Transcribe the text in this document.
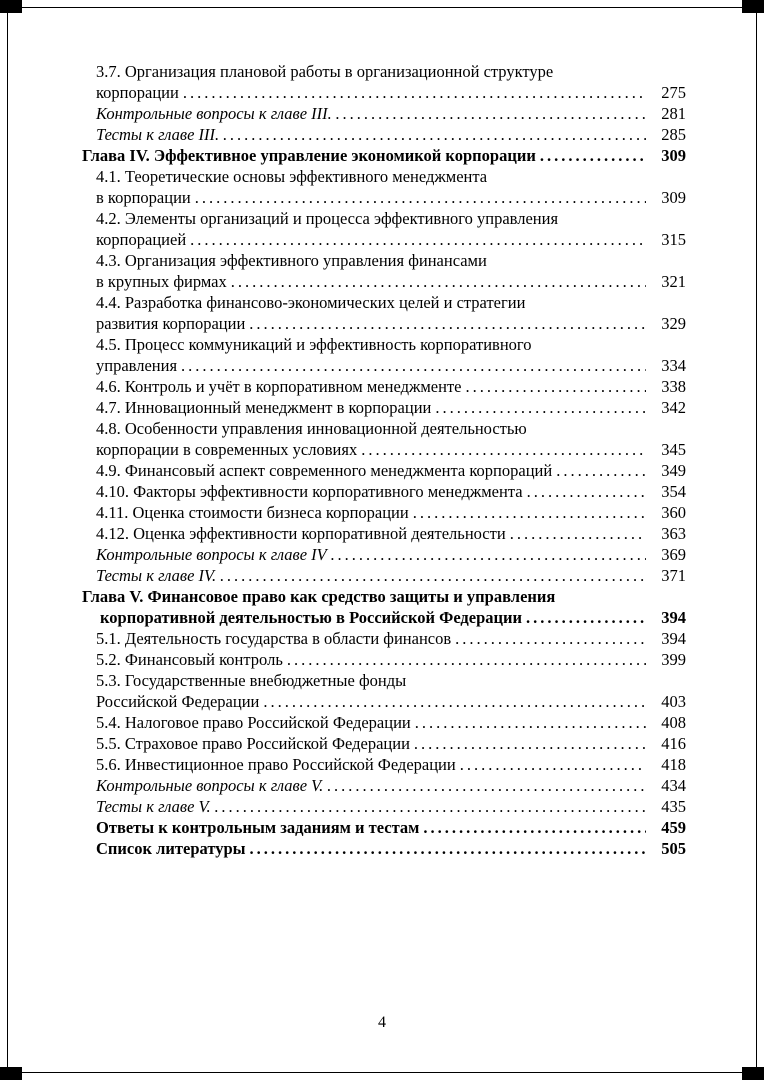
3.7. Организация плановой работы в организационной структуре
корпорации .....	275
Контрольные вопросы к главе III. .....	281
Тесты к главе III. .....	285
Глава IV. Эффективное управление экономикой корпорации .....	309
4.1. Теоретические основы эффективного менеджмента
в корпорации .....	309
4.2. Элементы организаций и процесса эффективного управления
корпорацией .....	315
4.3. Организация эффективного управления финансами
в крупных фирмах .....	321
4.4. Разработка финансово-экономических целей и стратегии
развития корпорации .....	329
4.5. Процесс коммуникаций и эффективность корпоративного
управления .....	334
4.6. Контроль и учёт в корпоративном менеджменте .....	338
4.7. Инновационный менеджмент в корпорации .....	342
4.8. Особенности управления инновационной деятельностью
корпорации в современных условиях .....	345
4.9. Финансовый аспект современного менеджмента корпораций .....	349
4.10. Факторы эффективности корпоративного менеджмента .....	354
4.11. Оценка стоимости бизнеса корпорации .....	360
4.12. Оценка эффективности корпоративной деятельности .....	363
Контрольные вопросы к главе IV .....	369
Тесты к главе IV. .....	371
Глава V. Финансовое право как средство защиты и управления
корпоративной деятельностью в Российской Федерации .....	394
5.1. Деятельность государства в области финансов .....	394
5.2. Финансовый контроль .....	399
5.3. Государственные внебюджетные фонды
Российской Федерации .....	403
5.4. Налоговое право Российской Федерации .....	408
5.5. Страховое право Российской Федерации .....	416
5.6. Инвестиционное право Российской Федерации .....	418
Контрольные вопросы к главе V. .....	434
Тесты к главе V. .....	435
Ответы к контрольным заданиям и тестам .....	459
Список литературы .....	505
4
